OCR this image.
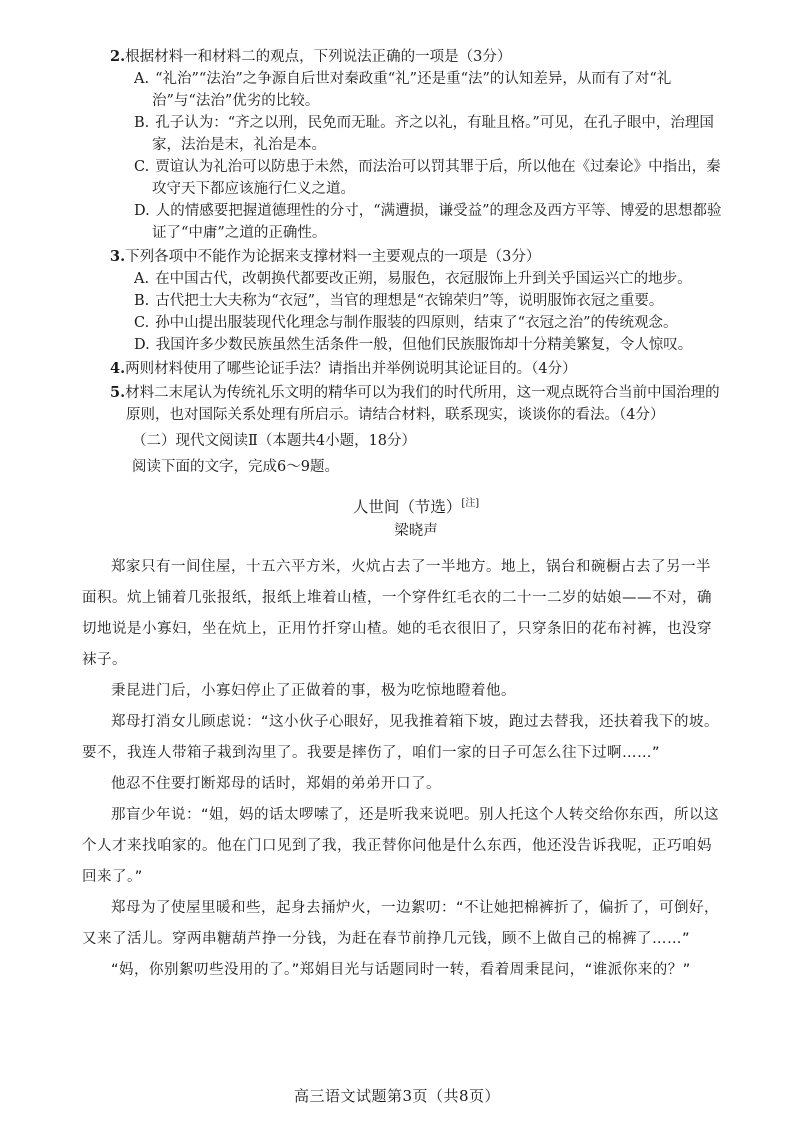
2.根据材料一和材料二的观点，下列说法正确的一项是（3分）

A. “礼治”“法治”之争源自后世对秦政重“礼”还是重“法”的认知差异，从而有了对“礼治”与“法治”优劣的比较。

B. 孔子认为：“齐之以刑，民免而无耻。齐之以礼，有耻且格。”可见，在孔子眼中，治理国家，法治是末，礼治是本。

C. 贾谊认为礼治可以防患于未然，而法治可以罚其罪于后，所以他在《过秦论》中指出，秦攻守天下都应该施行仁义之道。

D. 人的情感要把握道德理性的分寸，“满遭损，谦受益”的理念及西方平等、博爱的思想都验证了“中庸”之道的正确性。

3.下列各项中不能作为论据来支撑材料一主要观点的一项是（3分）

A. 在中国古代，改朝换代都要改正朔，易服色，衣冠服饰上升到关乎国运兴亡的地步。

B. 古代把士大夫称为“衣冠”，当官的理想是“衣锦荣归”等，说明服饰衣冠之重要。

C. 孙中山提出服装现代化理念与制作服装的四原则，结束了“衣冠之治”的传统观念。

D. 我国许多少数民族虽然生活条件一般，但他们民族服饰却十分精美繁复，令人惊叹。

4.两则材料使用了哪些论证手法？请指出并举例说明其论证目的。（4分）

5.材料二末尾认为传统礼乐文明的精华可以为我们的时代所用，这一观点既符合当前中国治理的原则，也对国际关系处理有所启示。请结合材料，联系现实，谈谈你的看法。（4分）

（二）现代文阅读Ⅱ（本题共4小题，18分）

阅读下面的文字，完成6～9题。

人世间（节选）[注]

梁晓声

郑家只有一间住屋，十五六平方米，火炕占去了一半地方。地上，锅台和碗橱占去了另一半面积。炕上铺着几张报纸，报纸上堆着山楂，一个穿件红毛衣的二十一二岁的姑娘——不对，确切地说是小寡妇，坐在炕上，正用竹扦穿山楂。她的毛衣很旧了，只穿条旧的花布衬裤，也没穿袜子。

秉昆进门后，小寡妇停止了正做着的事，极为吃惊地瞪着他。

郑母打消女儿顾虑说：“这小伙子心眼好，见我推着箱下坡，跑过去替我，还扶着我下的坡。要不，我连人带箱子栽到沟里了。我要是摔伤了，咱们一家的日子可怎么往下过啊……”

他忍不住要打断郑母的话时，郑娟的弟弟开口了。

那盲少年说：“姐，妈的话太啰嗦了，还是听我来说吧。别人托这个人转交给你东西，所以这个人才来找咱家的。他在门口见到了我，我正替你问他是什么东西，他还没告诉我呢，正巧咱妈回来了。”

郑母为了使屋里暖和些，起身去捅炉火，一边絮叨：“不让她把棉裤折了，偏折了，可倒好，又来了活儿。穿两串糖葫芦挣一分钱，为赶在春节前挣几元钱，顾不上做自己的棉裤了……”

“妈，你别絮叨些没用的了。”郑娟目光与话题同时一转，看着周秉昆问，“谁派你来的？”

高三语文试题第3页（共8页）
